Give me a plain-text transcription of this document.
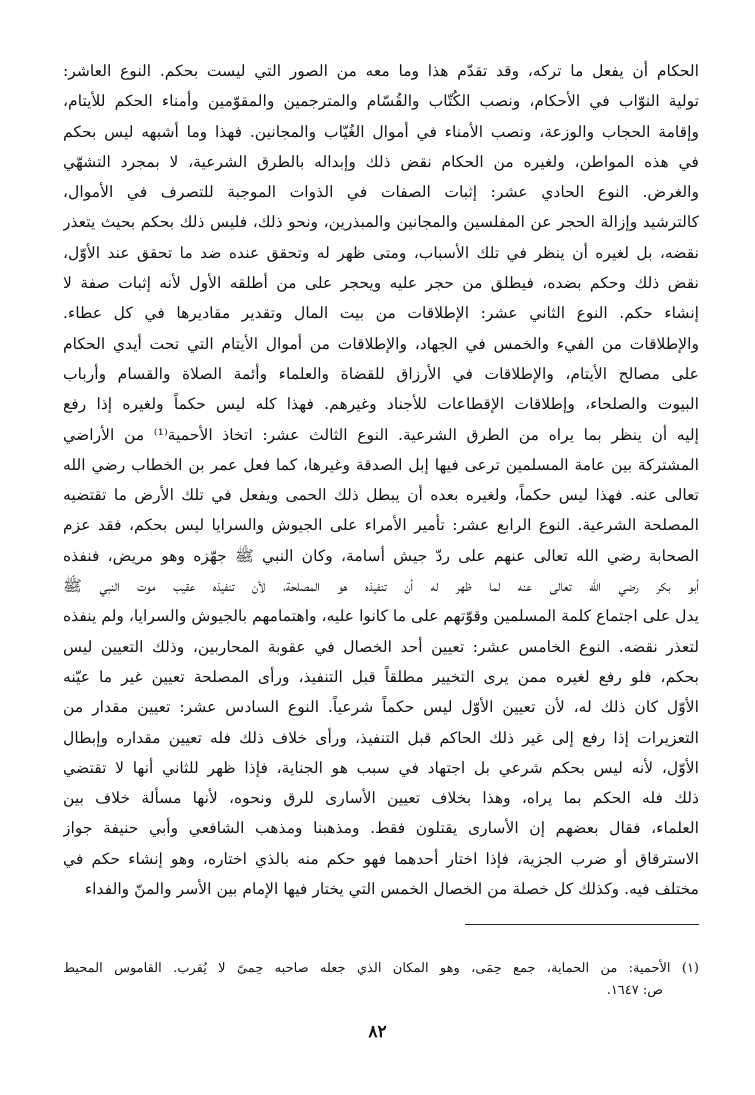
الحكام أن يفعل ما تركه، وقد تقدّم هذا وما معه من الصور التي ليست بحكم. النوع العاشر:
تولية النوّاب في الأحكام، ونصب الكُتّاب والقُسّام والمترجمين والمقوّمين وأمناء الحكم للأيتام،
وإقامة الحجاب والوزعة، ونصب الأمناء في أموال الغُيّاب والمجانين. فهذا وما أشبهه ليس بحكم
في هذه المواطن، ولغيره من الحكام نقض ذلك وإبداله بالطرق الشرعية، لا بمجرد التشهّي
والغرض. النوع الحادي عشر: إثبات الصفات في الذوات الموجبة للتصرف في الأموال،
كالترشيد وإزالة الحجر عن المفلسين والمجانين والمبذرين، ونحو ذلك، فليس ذلك بحكم بحيث يتعذر
نقضه، بل لغيره أن ينظر في تلك الأسباب، ومتى ظهر له وتحقق عنده ضد ما تحقق عند الأوّل،
نقض ذلك وحكم بضده، فيطلق من حجر عليه ويحجر على من أطلقه الأول لأنه إثبات صفة لا
إنشاء حكم. النوع الثاني عشر: الإطلاقات من بيت المال وتقدير مقاديرها في كل عطاء.
والإطلاقات من الفيء والخمس في الجهاد، والإطلاقات من أموال الأيتام التي تحت أيدي الحكام
على مصالح الأيتام، والإطلاقات في الأرزاق للقضاة والعلماء وأئمة الصلاة والقسام وأرباب
البيوت والصلحاء، وإطلاقات الإقطاعات للأجناد وغيرهم. فهذا كله ليس حكماً ولغيره إذا رفع
إليه أن ينظر بما يراه من الطرق الشرعية. النوع الثالث عشر: اتخاذ الأحمية⁽¹⁾ من الأراضي
المشتركة بين عامة المسلمين ترعى فيها إبل الصدقة وغيرها، كما فعل عمر بن الخطاب رضي الله
تعالى عنه. فهذا ليس حكماً، ولغيره بعده أن يبطل ذلك الحمى ويفعل في تلك الأرض ما تقتضيه
المصلحة الشرعية. النوع الرابع عشر: تأمير الأمراء على الجيوش والسرايا ليس بحكم، فقد عزم
الصحابة رضي الله تعالى عنهم على ردّ جيش أسامة، وكان النبي ﷺ جهّزه وهو مريض، فنفذه
أبو بكر رضي الله تعالى عنه لما ظهر له أن تنفيذه هو المصلحة، لأن تنفيذه عقيب موت النبي ﷺ
يدل على اجتماع كلمة المسلمين وقوّتهم على ما كانوا عليه، واهتمامهم بالجيوش والسرايا، ولم ينفذه
لتعذر نقضه. النوع الخامس عشر: تعيين أحد الخصال في عقوبة المحاربين، وذلك التعيين ليس
بحكم، فلو رفع لغيره ممن يرى التخيير مطلقاً قبل التنفيذ، ورأى المصلحة تعيين غير ما عيّنه
الأوّل كان ذلك له، لأن تعيين الأوّل ليس حكماً شرعياً. النوع السادس عشر: تعيين مقدار من
التعزيرات إذا رفع إلى غير ذلك الحاكم قبل التنفيذ، ورأى خلاف ذلك فله تعيين مقداره وإبطال
الأوّل، لأنه ليس بحكم شرعي بل اجتهاد في سبب هو الجناية، فإذا ظهر للثاني أنها لا تقتضي
ذلك فله الحكم بما يراه، وهذا بخلاف تعيين الأسارى للرق ونحوه، لأنها مسألة خلاف بين
العلماء، فقال بعضهم إن الأسارى يقتلون فقط. ومذهبنا ومذهب الشافعي وأبي حنيفة جواز
الاسترقاق أو ضرب الجزية، فإذا اختار أحدهما فهو حكم منه بالذي اختاره، وهو إنشاء حكم في
مختلف فيه. وكذلك كل خصلة من الخصال الخمس التي يختار فيها الإمام بين الأسر والمنّ والفداء
(١) الأحمية: من الحماية، جمع حِمَى، وهو المكان الذي جعله صاحبه حِمىً لا يُقرب. القاموس المحيط
ص: ١٦٤٧.
٨٢
